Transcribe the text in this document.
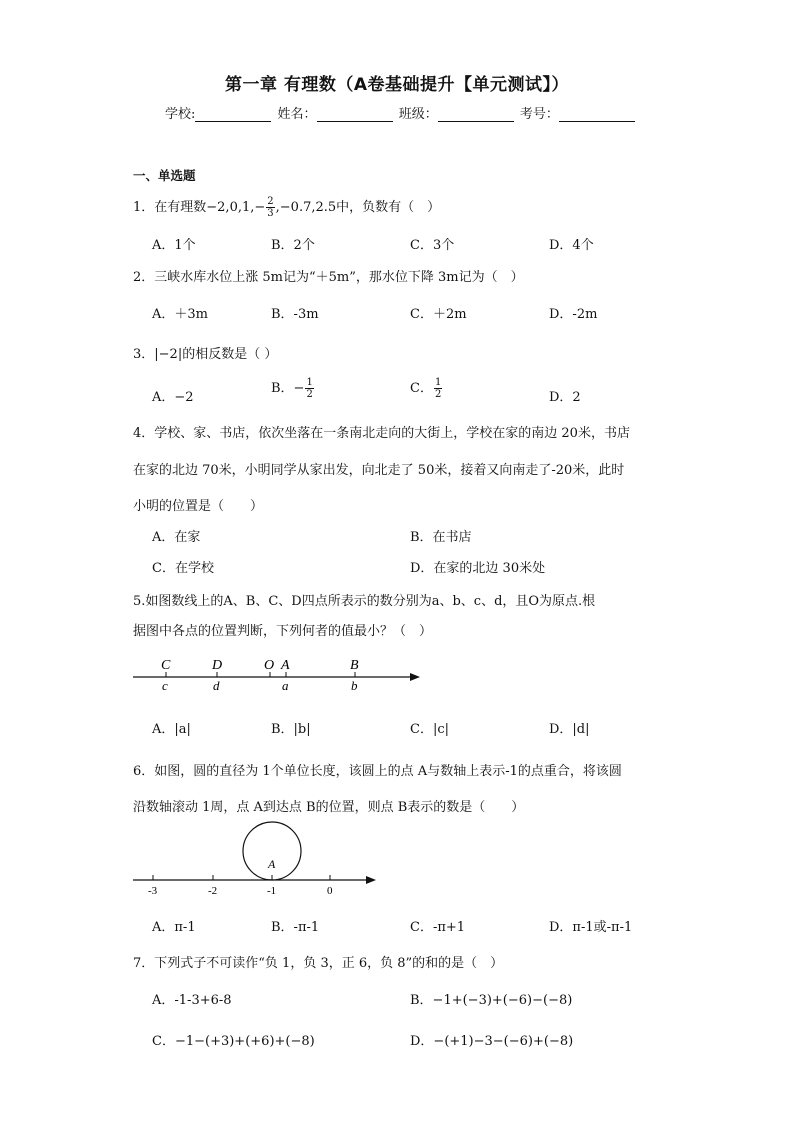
第一章 有理数（A卷基础提升【单元测试】）
学校:	姓名：	班级：	考号：
一、单选题
1．在有理数$-2,0,1,- \frac{2}{3} ,-0.7,2.5$中，负数有（　）
A．1个	B．2个	C．3个	D．4个
2．三峡水库水位上涨 5m记为“＋5m”，那水位下降 3m记为（　）
A．＋3m	B．-3m	C．＋2m	D．-2m
3．|−2|的相反数是（ ）
A．−2
B．− $\frac{1}{2}$	C． $\frac{1}{2}$	D．2
4．学校、家、书店，依次坐落在一条南北走向的大街上，学校在家的南边 20米，书店
在家的北边 70米，小明同学从家出发，向北走了 50米，接着又向南走了-20米，此时
小明的位置是（　　）
A．在家	B．在书店
C．在学校	D．在家的北边 30米处
5.如图数线上的A、B、C、D四点所表示的数分别为a、b、c、d，且O为原点.根
据图中各点的位置判断，下列何者的值最小？（　）
C
c
D
d
O A
a
B
b
A．|a|	B．|b|	C．|c|	D．|d|
6．如图，圆的直径为 1个单位长度，该圆上的点 A与数轴上表示-1的点重合，将该圆
沿数轴滚动 1周，点 A到达点 B的位置，则点 B表示的数是（　　）
A
-3	-2	-1	0
A．π-1	B．-π-1	C．-π+1	D．π-1或-π-1
7．下列式子不可读作“负 1，负 3，正 6，负 8”的和的是（　）
A．-1-3+6-8	B．−1+(−3)+(−6)−(−8)
C．−1−(+3)+(+6)+(−8)	D．−(+1)−3−(−6)+(−8)
